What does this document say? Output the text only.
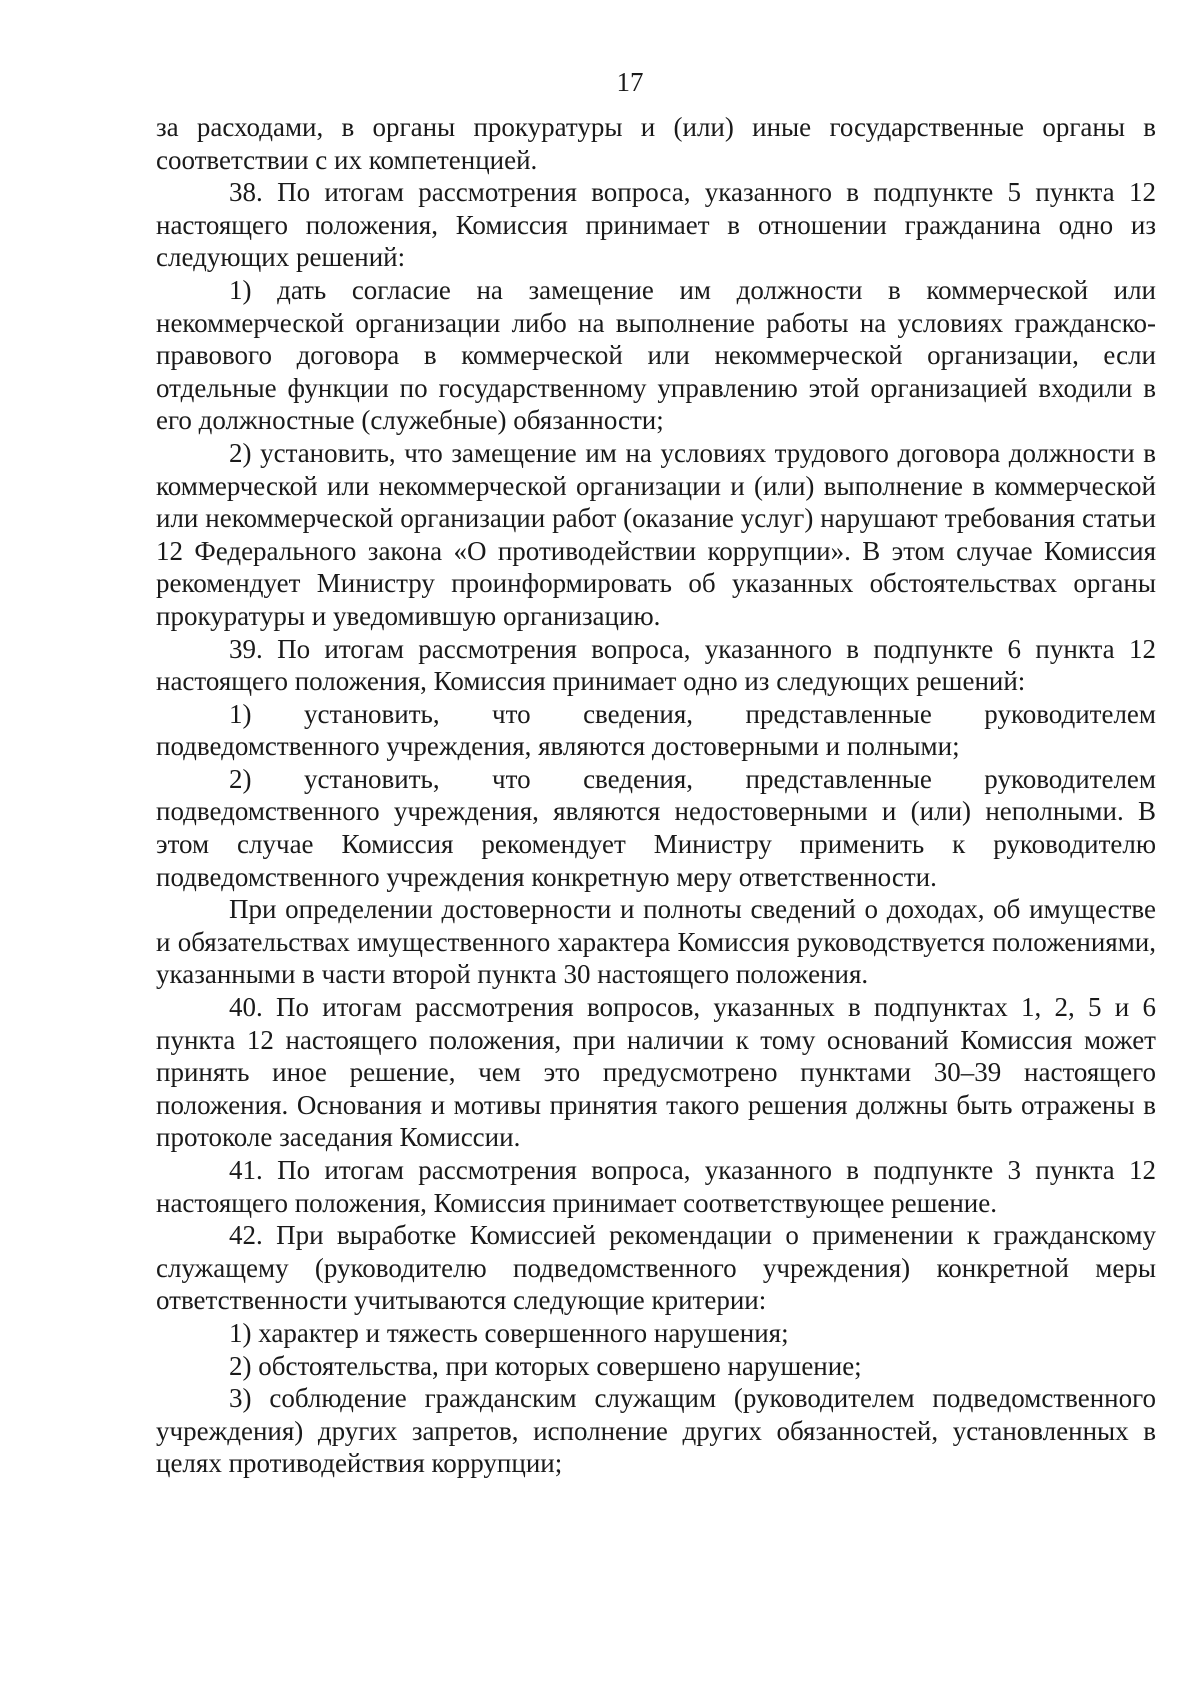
17

за расходами, в органы прокуратуры и (или) иные государственные органы в соответствии с их компетенцией.

38. По итогам рассмотрения вопроса, указанного в подпункте 5 пункта 12 настоящего положения, Комиссия принимает в отношении гражданина одно из следующих решений:

1) дать согласие на замещение им должности в коммерческой или некоммерческой организации либо на выполнение работы на условиях гражданско-правового договора в коммерческой или некоммерческой организации, если отдельные функции по государственному управлению этой организацией входили в его должностные (служебные) обязанности;

2) установить, что замещение им на условиях трудового договора должности в коммерческой или некоммерческой организации и (или) выполнение в коммерческой или некоммерческой организации работ (оказание услуг) нарушают требования статьи 12 Федерального закона «О противодействии коррупции». В этом случае Комиссия рекомендует Министру проинформировать об указанных обстоятельствах органы прокуратуры и уведомившую организацию.

39. По итогам рассмотрения вопроса, указанного в подпункте 6 пункта 12 настоящего положения, Комиссия принимает одно из следующих решений:

1) установить, что сведения, представленные руководителем подведомственного учреждения, являются достоверными и полными;

2) установить, что сведения, представленные руководителем подведомственного учреждения, являются недостоверными и (или) неполными. В этом случае Комиссия рекомендует Министру применить к руководителю подведомственного учреждения конкретную меру ответственности.

При определении достоверности и полноты сведений о доходах, об имуществе и обязательствах имущественного характера Комиссия руководствуется положениями, указанными в части второй пункта 30 настоящего положения.

40. По итогам рассмотрения вопросов, указанных в подпунктах 1, 2, 5 и 6 пункта 12 настоящего положения, при наличии к тому оснований Комиссия может принять иное решение, чем это предусмотрено пунктами 30–39 настоящего положения. Основания и мотивы принятия такого решения должны быть отражены в протоколе заседания Комиссии.

41. По итогам рассмотрения вопроса, указанного в подпункте 3 пункта 12 настоящего положения, Комиссия принимает соответствующее решение.

42. При выработке Комиссией рекомендации о применении к гражданскому служащему (руководителю подведомственного учреждения) конкретной меры ответственности учитываются следующие критерии:

1) характер и тяжесть совершенного нарушения;

2) обстоятельства, при которых совершено нарушение;

3) соблюдение гражданским служащим (руководителем подведомственного учреждения) других запретов, исполнение других обязанностей, установленных в целях противодействия коррупции;
